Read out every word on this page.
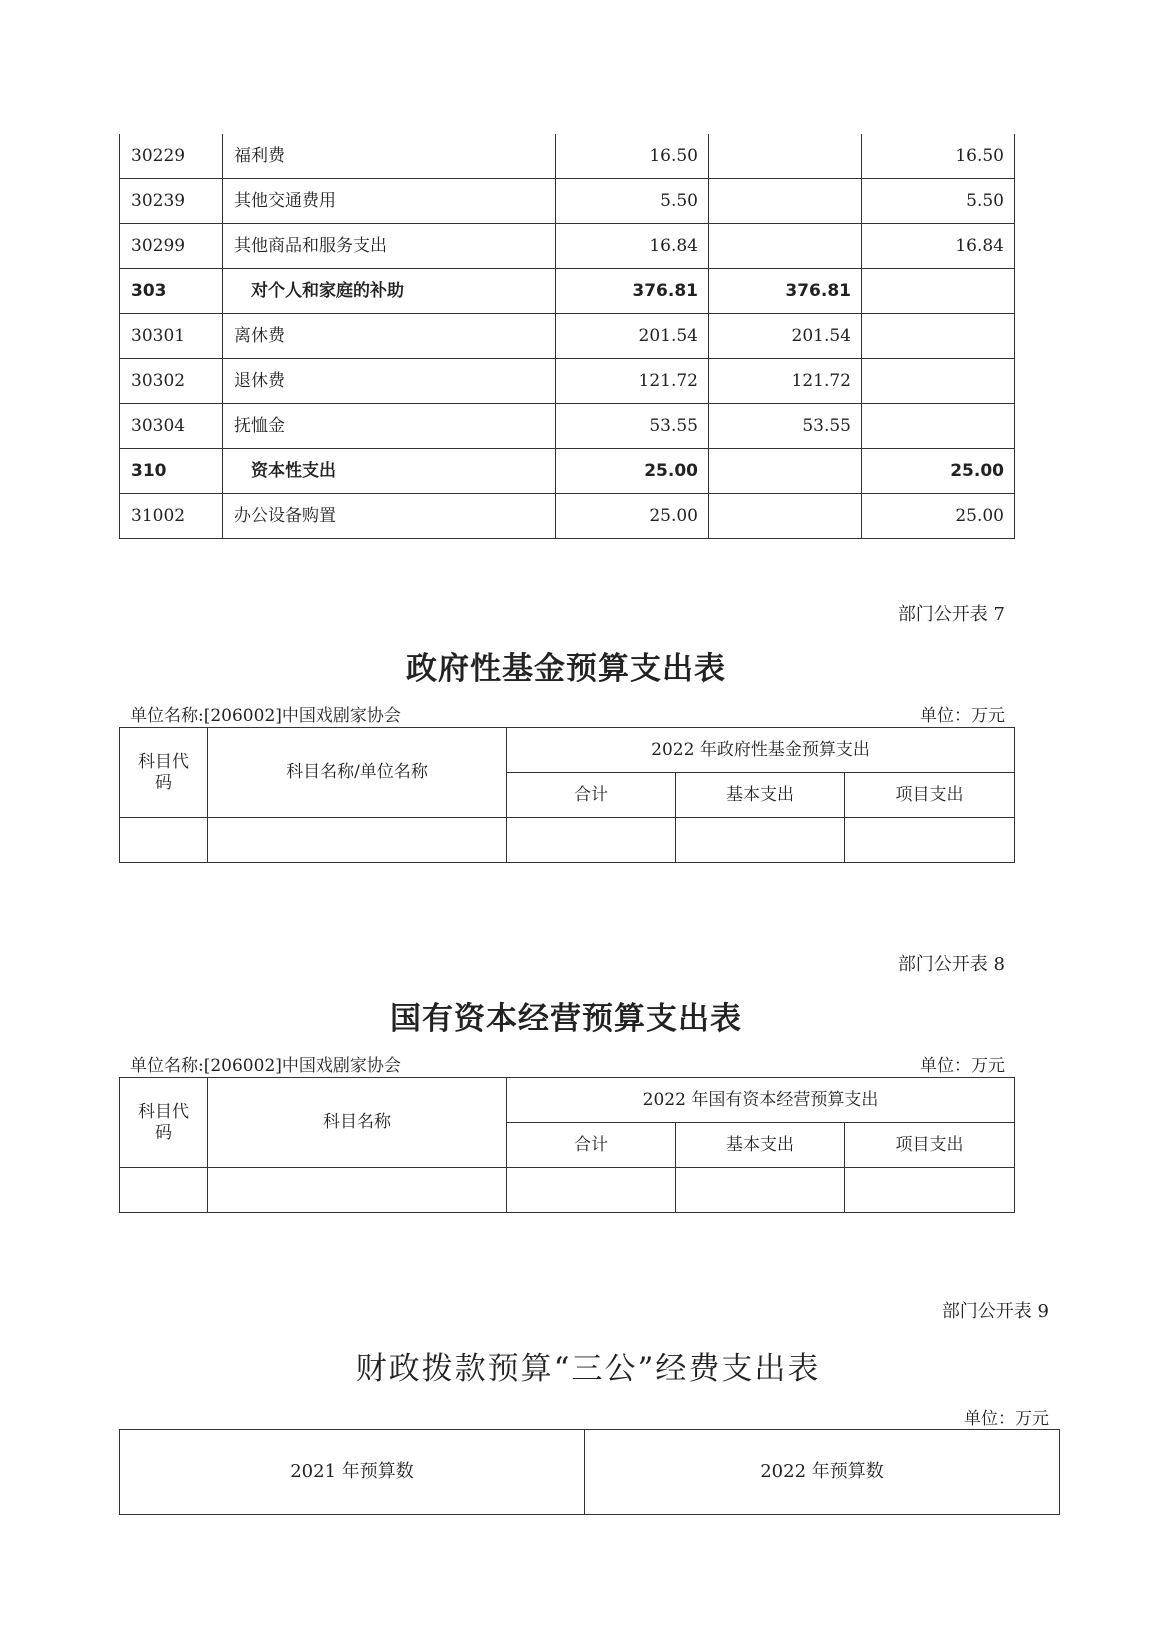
30229	福利费	16.50		16.50
30239	其他交通费用	5.50		5.50
30299	其他商品和服务支出	16.84		16.84
303	对个人和家庭的补助	376.81	376.81	
30301	离休费	201.54	201.54	
30302	退休费	121.72	121.72	
30304	抚恤金	53.55	53.55	
310	资本性支出	25.00		25.00
31002	办公设备购置	25.00		25.00
部门公开表 7
政府性基金预算支出表
单位名称:[206002]中国戏剧家协会	单位：万元
科目代码	科目名称/单位名称	2022 年政府性基金预算支出		
		合计	基本支出	项目支出

部门公开表 8
国有资本经营预算支出表
单位名称:[206002]中国戏剧家协会	单位：万元
科目代码	科目名称	2022 年国有资本经营预算支出		
		合计	基本支出	项目支出

部门公开表 9
财政拨款预算“三公”经费支出表
单位：万元
2021 年预算数	2022 年预算数
